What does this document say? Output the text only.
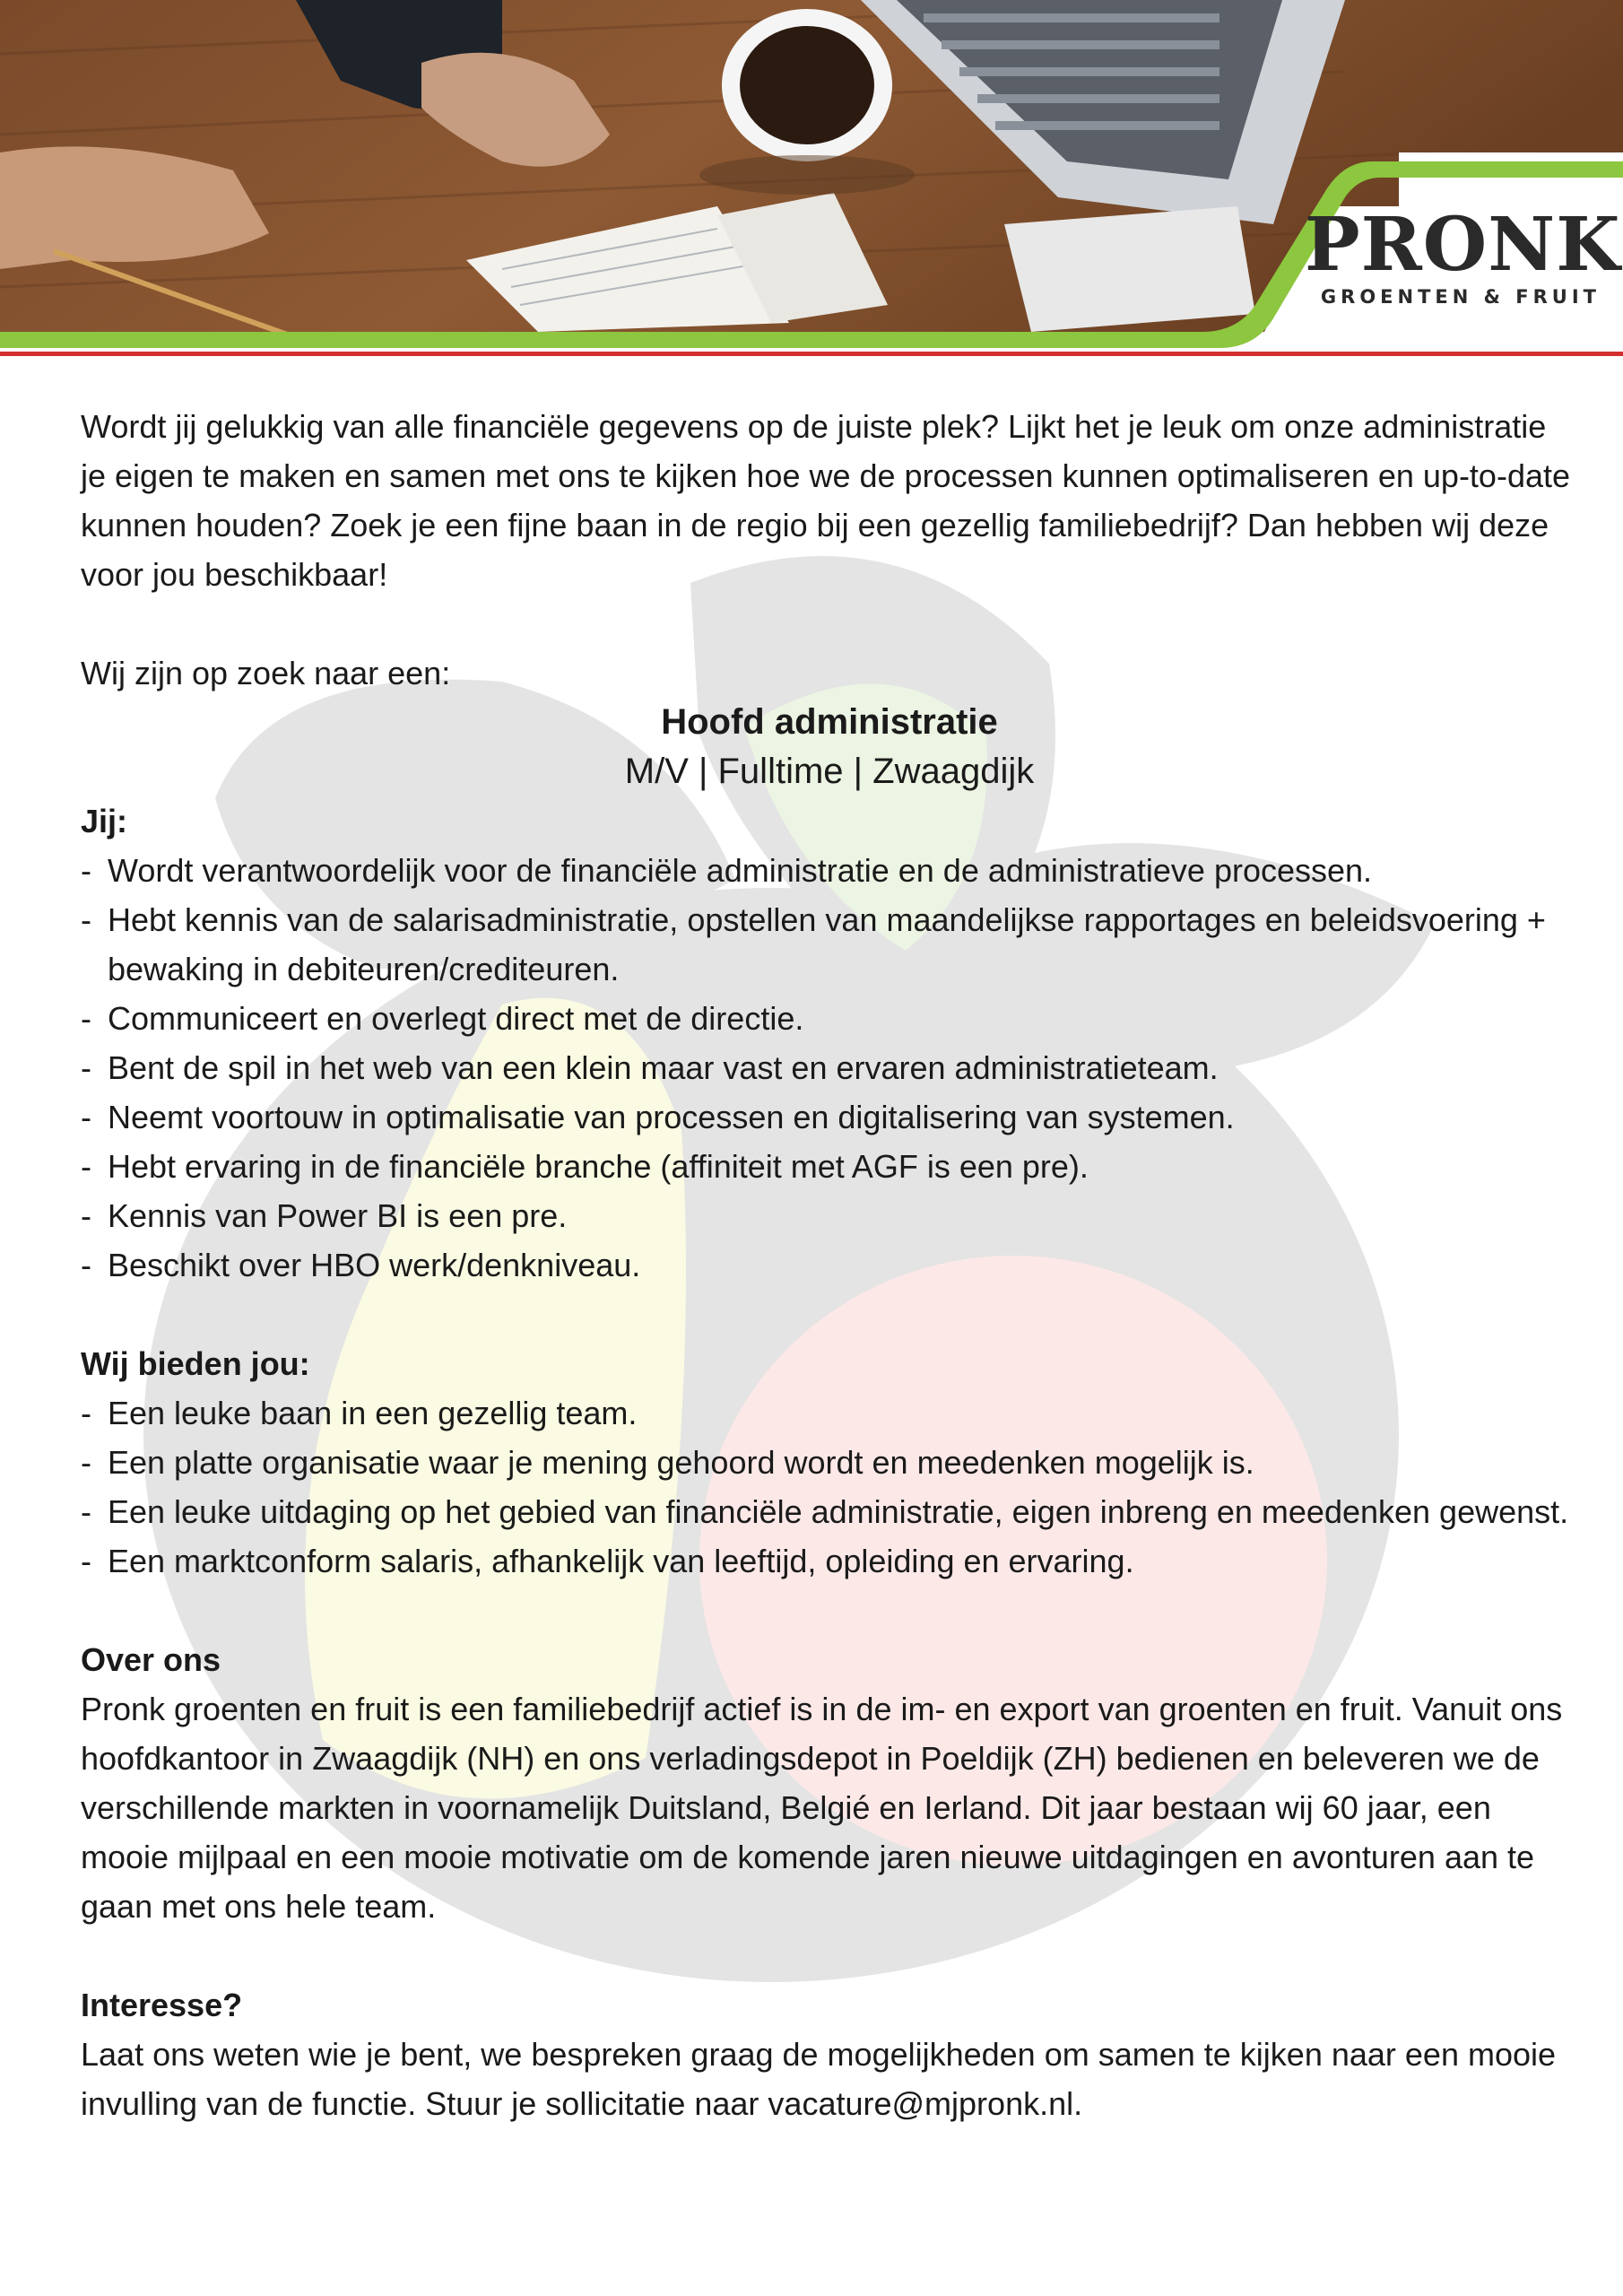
PRONK
GROENTEN & FRUIT

Wordt jij gelukkig van alle financiële gegevens op de juiste plek? Lijkt het je leuk om onze administratie je eigen te maken en samen met ons te kijken hoe we de processen kunnen optimaliseren en up-to-date kunnen houden? Zoek je een fijne baan in de regio bij een gezellig familiebedrijf? Dan hebben wij deze voor jou beschikbaar!

Wij zijn op zoek naar een:

Hoofd administratie

M/V | Fulltime | Zwaagdijk

Jij:

- Wordt verantwoordelijk voor de financiële administratie en de administratieve processen.
- Hebt kennis van de salarisadministratie, opstellen van maandelijkse rapportages en beleidsvoering + bewaking in debiteuren/crediteuren.
- Communiceert en overlegt direct met de directie.
- Bent de spil in het web van een klein maar vast en ervaren administratieteam.
- Neemt voortouw in optimalisatie van processen en digitalisering van systemen.
- Hebt ervaring in de financiële branche (affiniteit met AGF is een pre).
- Kennis van Power BI is een pre.
- Beschikt over HBO werk/denkniveau.

Wij bieden jou:

- Een leuke baan in een gezellig team.
- Een platte organisatie waar je mening gehoord wordt en meedenken mogelijk is.
- Een leuke uitdaging op het gebied van financiële administratie, eigen inbreng en meedenken gewenst.
- Een marktconform salaris, afhankelijk van leeftijd, opleiding en ervaring.

Over ons

Pronk groenten en fruit is een familiebedrijf actief is in de im- en export van groenten en fruit. Vanuit ons hoofdkantoor in Zwaagdijk (NH) en ons verladingsdepot in Poeldijk (ZH) bedienen en beleveren we de verschillende markten in voornamelijk Duitsland, Belgié en Ierland. Dit jaar bestaan wij 60 jaar, een mooie mijlpaal en een mooie motivatie om de komende jaren nieuwe uitdagingen en avonturen aan te gaan met ons hele team.

Interesse?

Laat ons weten wie je bent, we bespreken graag de mogelijkheden om samen te kijken naar een mooie invulling van de functie. Stuur je sollicitatie naar vacature@mjpronk.nl.
